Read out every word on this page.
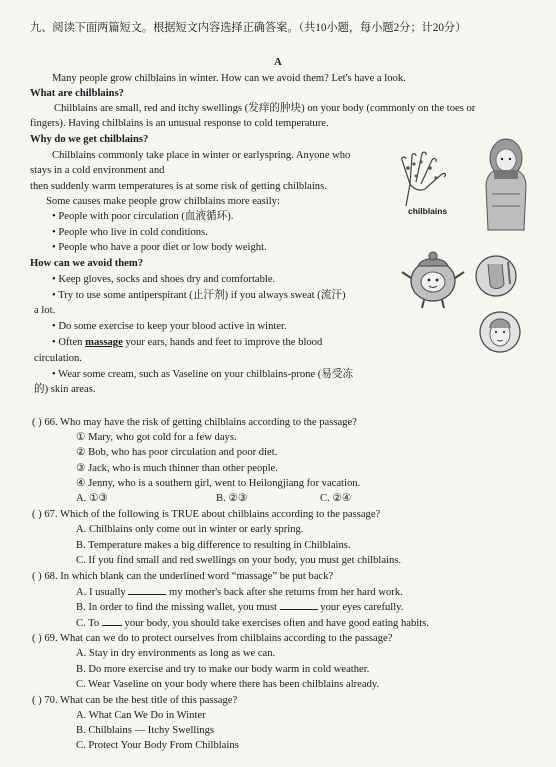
九、阅读下面两篇短文。根据短文内容选择正确答案。（共10小题，每小题2分；计20分）
A
Many people grow chilblains in winter. How can we avoid them? Let's have a look.
What are chilblains?
Chilblains are small, red and itchy swellings (发痒的肿块) on your body (commonly on the toes or
fingers). Having chilblains is an unusual response to cold temperature.
Why do we get chilblains?
Chilblains commonly take place in winter or earlyspring. Anyone who
stays in a cold environment and
then suddenly warm temperatures is at some risk of getting chilblains.
Some causes make people grow chilblains more easily:
• People with poor circulation (血液循环).
• People who live in cold conditions.
• People who have a poor diet or low body weight.
How can we avoid them?
• Keep gloves, socks and shoes dry and comfortable.
• Try to use some antiperspirant (止汗剂) if you always sweat (流汗)
a lot.
• Do some exercise to keep your blood active in winter.
• Often massage your ears, hands and feet to improve the blood
circulation.
• Wear some cream, such as Vaseline on your chilblains-prone (易受冻
的) skin areas.
chilblains
( ) 66. Who may have the risk of getting chilblains according to the passage?
① Mary, who got cold for a few days.
② Bob, who has poor circulation and poor diet.
③ Jack, who is much thinner than other people.
④ Jenny, who is a southern girl, went to Heilongjiang for vacation.
A. ①③	B. ②③	C. ②④
( ) 67. Which of the following is TRUE about chilblains according to the passage?
A. Chilblains only come out in winter or early spring.
B. Temperature makes a big difference to resulting in Chilblains.
C. If you find small and red swellings on your body, you must get chilblains.
( ) 68. In which blank can the underlined word “massage” be put back?
A. I usually	my mother's back after she returns from her hard work.
B. In order to find the missing wallet, you must	your eyes carefully.
C. To your body, you should take exercises often and have good eating habits.
( ) 69. What can we do to protect ourselves from chilblains according to the passage?
A. Stay in dry environments as long as we can.
B. Do more exercise and try to make our body warm in cold weather.
C. Wear Vaseline on your body where there has been chilblains already.
( ) 70. What can be the best title of this passage?
A. What Can We Do in Winter
B. Chilblains — Itchy Swellings
C. Protect Your Body From Chilblains
